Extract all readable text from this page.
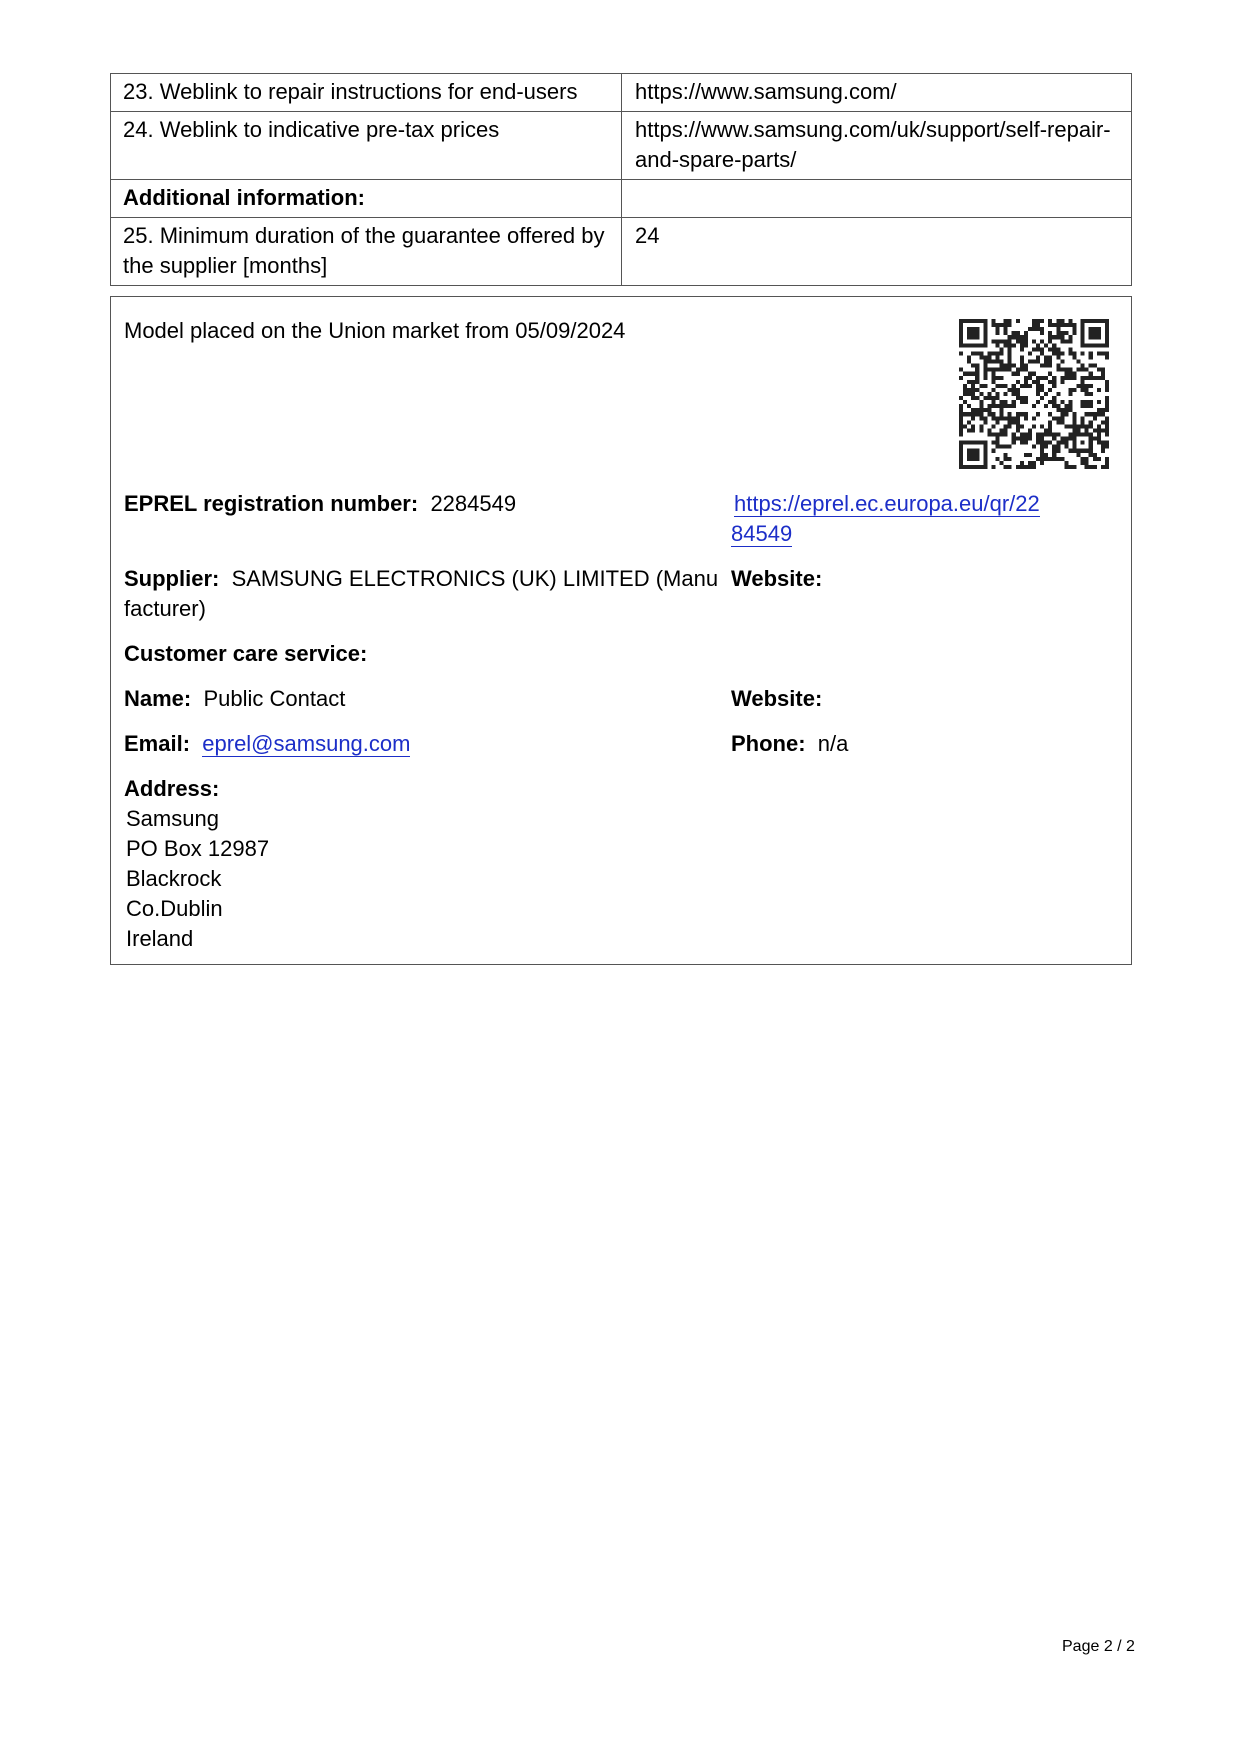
23. Weblink to repair instructions for end-users	https://www.samsung.com/
24. Weblink to indicative pre-tax prices	https://www.samsung.com/uk/support/self-repair-and-spare-parts/
Additional information:	
25. Minimum duration of the guarantee offered by the supplier [months]	24
Model placed on the Union market from 05/09/2024
EPREL registration number: 2284549	https://eprel.ec.europa.eu/qr/22
84549
Supplier: SAMSUNG ELECTRONICS (UK) LIMITED (Manufacturer)
Website:
Customer care service:
Name: Public Contact	Website:
Email: eprel@samsung.com	Phone: n/a
Address:
Samsung
PO Box 12987
Blackrock
Co.Dublin
Ireland
Page 2 / 2
